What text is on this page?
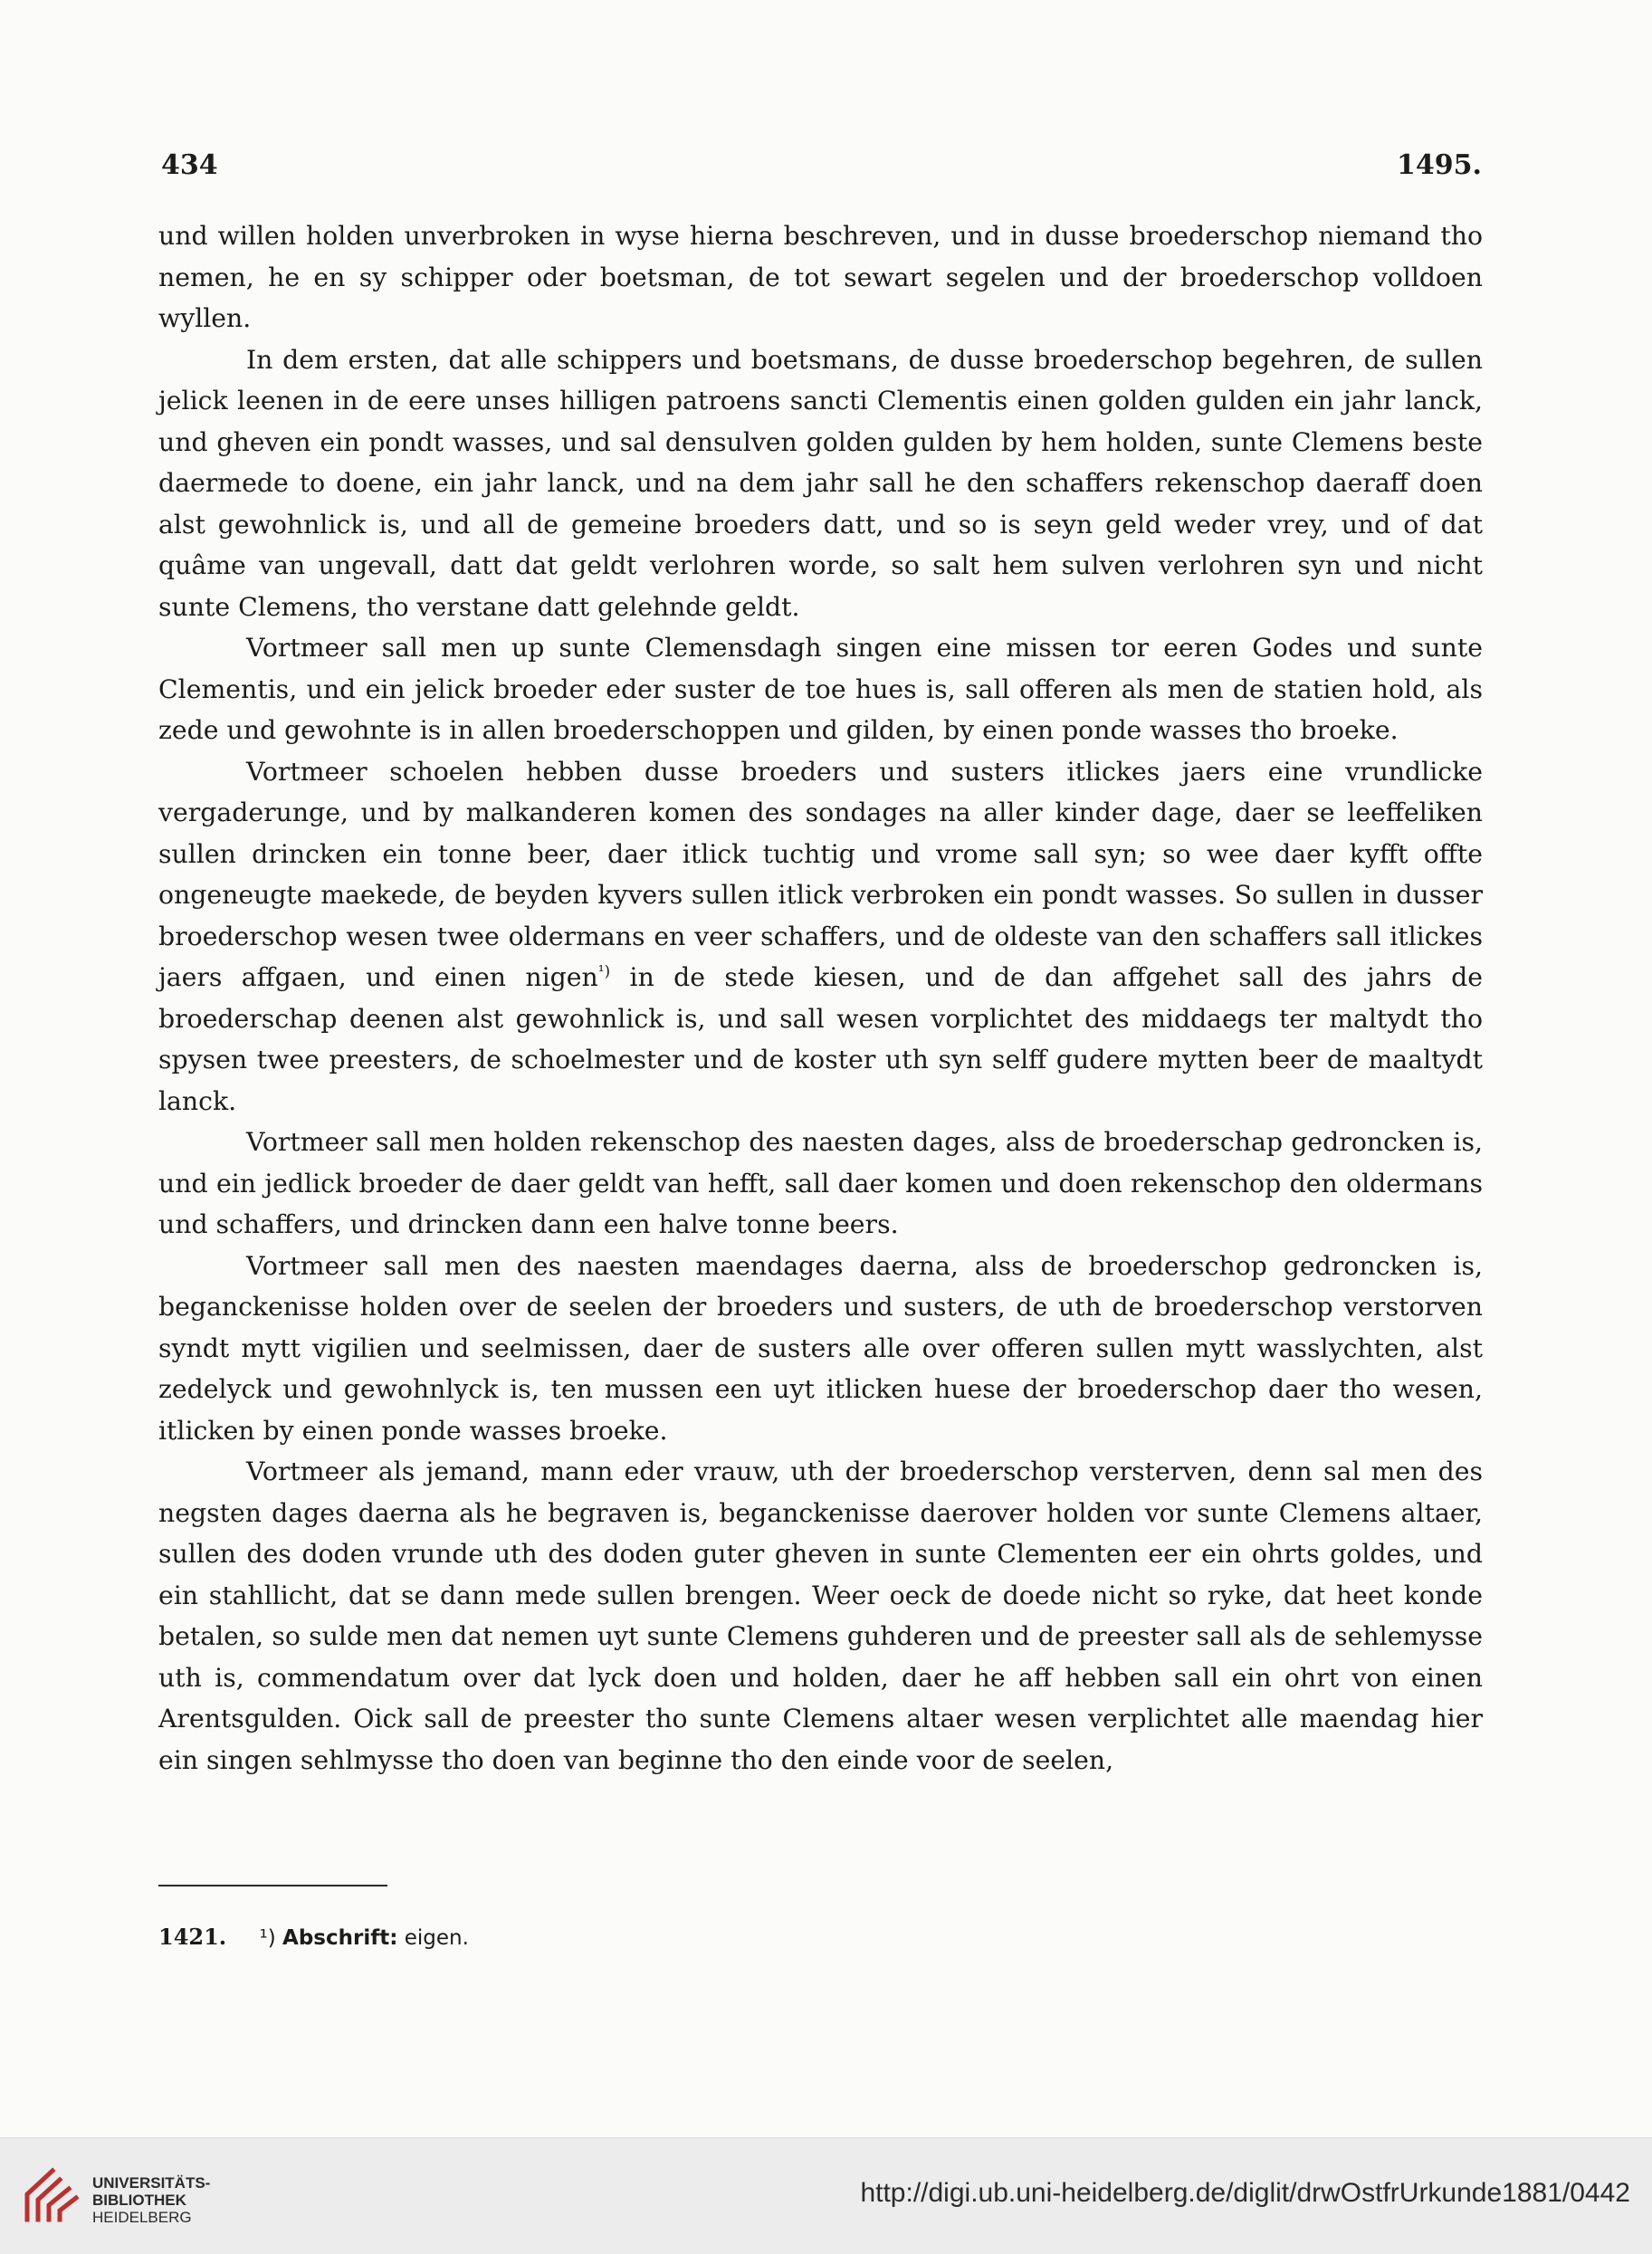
434	1495.

und willen holden unverbroken in wyse hierna beschreven, und in dusse broederschop niemand tho nemen, he en sy schipper oder boetsman, de tot sewart segelen und der broederschop volldoen wyllen.

In dem ersten, dat alle schippers und boetsmans, de dusse broederschop begehren, de sullen jelick leenen in de eere unses hilligen patroens sancti Clementis einen golden gulden ein jahr lanck, und gheven ein pondt wasses, und sal densulven golden gulden by hem holden, sunte Clemens beste daermede to doene, ein jahr lanck, und na dem jahr sall he den schaffers rekenschop daeraff doen alst gewohnlick is, und all de gemeine broeders datt, und so is seyn geld weder vrey, und of dat quâme van ungevall, datt dat geldt verlohren worde, so salt hem sulven verlohren syn und nicht sunte Clemens, tho verstane datt gelehnde geldt.

Vortmeer sall men up sunte Clemensdagh singen eine missen tor eeren Godes und sunte Clementis, und ein jelick broeder eder suster de toe hues is, sall offeren als men de statien hold, als zede und gewohnte is in allen broederschoppen und gilden, by einen ponde wasses tho broeke.

Vortmeer schoelen hebben dusse broeders und susters itlickes jaers eine vrundlicke vergaderunge, und by malkanderen komen des sondages na aller kinder dage, daer se leeffeliken sullen drincken ein tonne beer, daer itlick tuchtig und vrome sall syn; so wee daer kyfft offte ongeneugte maekede, de beyden kyvers sullen itlick verbroken ein pondt wasses. So sullen in dusser broederschop wesen twee oldermans en veer schaffers, und de oldeste van den schaffers sall itlickes jaers affgaen, und einen nigen$^{^1)}$ in de stede kiesen, und de dan affgehet sall des jahrs de broederschap deenen alst gewohnlick is, und sall wesen vorplichtet des middaegs ter maltydt tho spysen twee preesters, de schoelmester und de koster uth syn selff gudere mytten beer de maaltydt lanck.

Vortmeer sall men holden rekenschop des naesten dages, alss de broederschap gedroncken is, und ein jedlick broeder de daer geldt van hefft, sall daer komen und doen rekenschop den oldermans und schaffers, und drincken dann een halve tonne beers.

Vortmeer sall men des naesten maendages daerna, alss de broederschop gedroncken is, beganckenisse holden over de seelen der broeders und susters, de uth de broederschop verstorven syndt mytt vigilien und seelmissen, daer de susters alle over offeren sullen mytt wasslychten, alst zedelyck und gewohnlyck is, ten mussen een uyt itlicken huese der broederschop daer tho wesen, itlicken by einen ponde wasses broeke.

Vortmeer als jemand, mann eder vrauw, uth der broederschop versterven, denn sal men des negsten dages daerna als he begraven is, beganckenisse daerover holden vor sunte Clemens altaer, sullen des doden vrunde uth des doden guter gheven in sunte Clementen eer ein ohrts goldes, und ein stahllicht, dat se dann mede sullen brengen. Weer oeck de doede nicht so ryke, dat heet konde betalen, so sulde men dat nemen uyt sunte Clemens guhderen und de preester sall als de sehlemysse uth is, commendatum over dat lyck doen und holden, daer he aff hebben sall ein ohrt von einen Arentsgulden. Oick sall de preester tho sunte Clemens altaer wesen verplichtet alle maendag hier ein singen sehlmysse tho doen van beginne tho den einde voor de seelen,

1421. ¹) Abschrift: eigen.
UNIVERSITÄTS-
BIBLIOTHEK
HEIDELBERG
http://digi.ub.uni-heidelberg.de/diglit/drwOstfrUrkunde1881/0442
